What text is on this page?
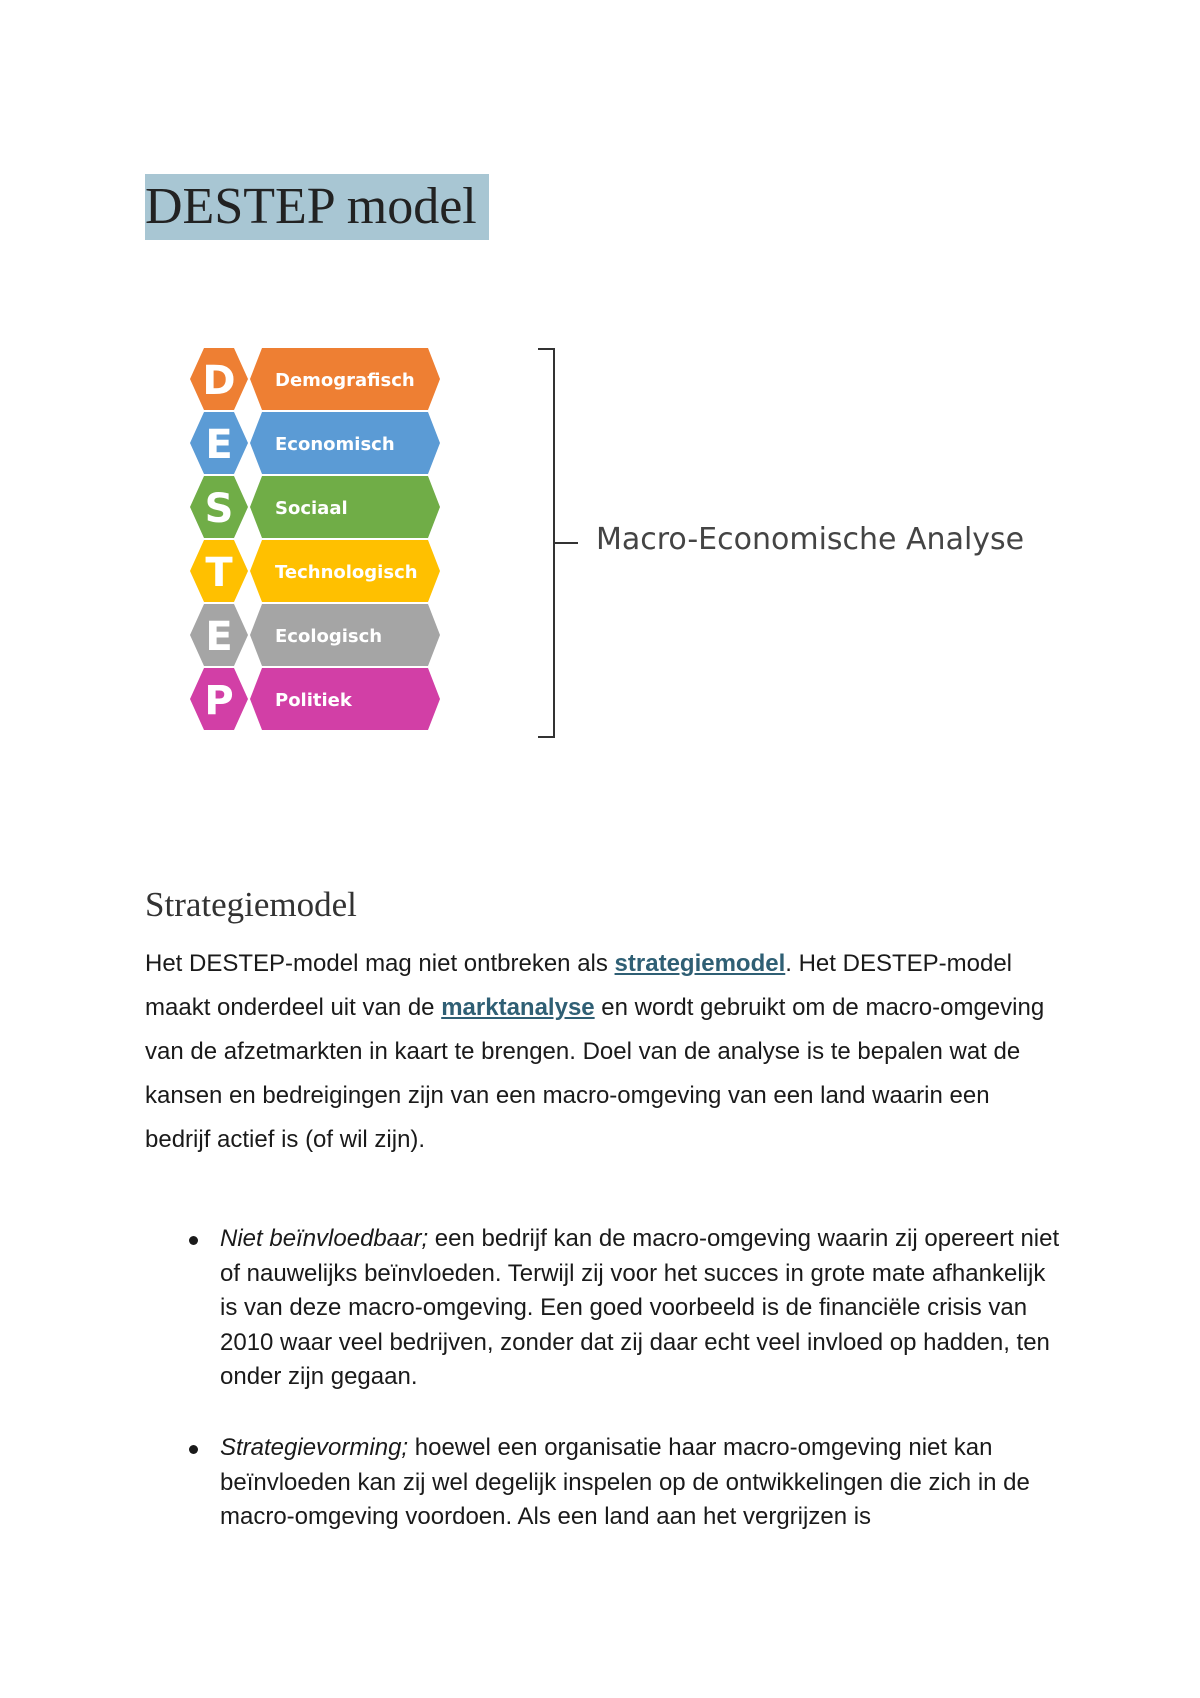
DESTEP model
D Demografisch
E Economisch
S Sociaal
T Technologisch
E Ecologisch
P Politiek
Macro-Economische Analyse
Strategiemodel
Het DESTEP-model mag niet ontbreken als strategiemodel. Het DESTEP-model maakt onderdeel uit van de marktanalyse en wordt gebruikt om de macro-omgeving van de afzetmarkten in kaart te brengen. Doel van de analyse is te bepalen wat de kansen en bedreigingen zijn van een macro-omgeving van een land waarin een bedrijf actief is (of wil zijn).
Niet beïnvloedbaar; een bedrijf kan de macro-omgeving waarin zij opereert niet of nauwelijks beïnvloeden. Terwijl zij voor het succes in grote mate afhankelijk is van deze macro-omgeving. Een goed voorbeeld is de financiële crisis van 2010 waar veel bedrijven, zonder dat zij daar echt veel invloed op hadden, ten onder zijn gegaan.
Strategievorming; hoewel een organisatie haar macro-omgeving niet kan beïnvloeden kan zij wel degelijk inspelen op de ontwikkelingen die zich in de macro-omgeving voordoen. Als een land aan het vergrijzen is
